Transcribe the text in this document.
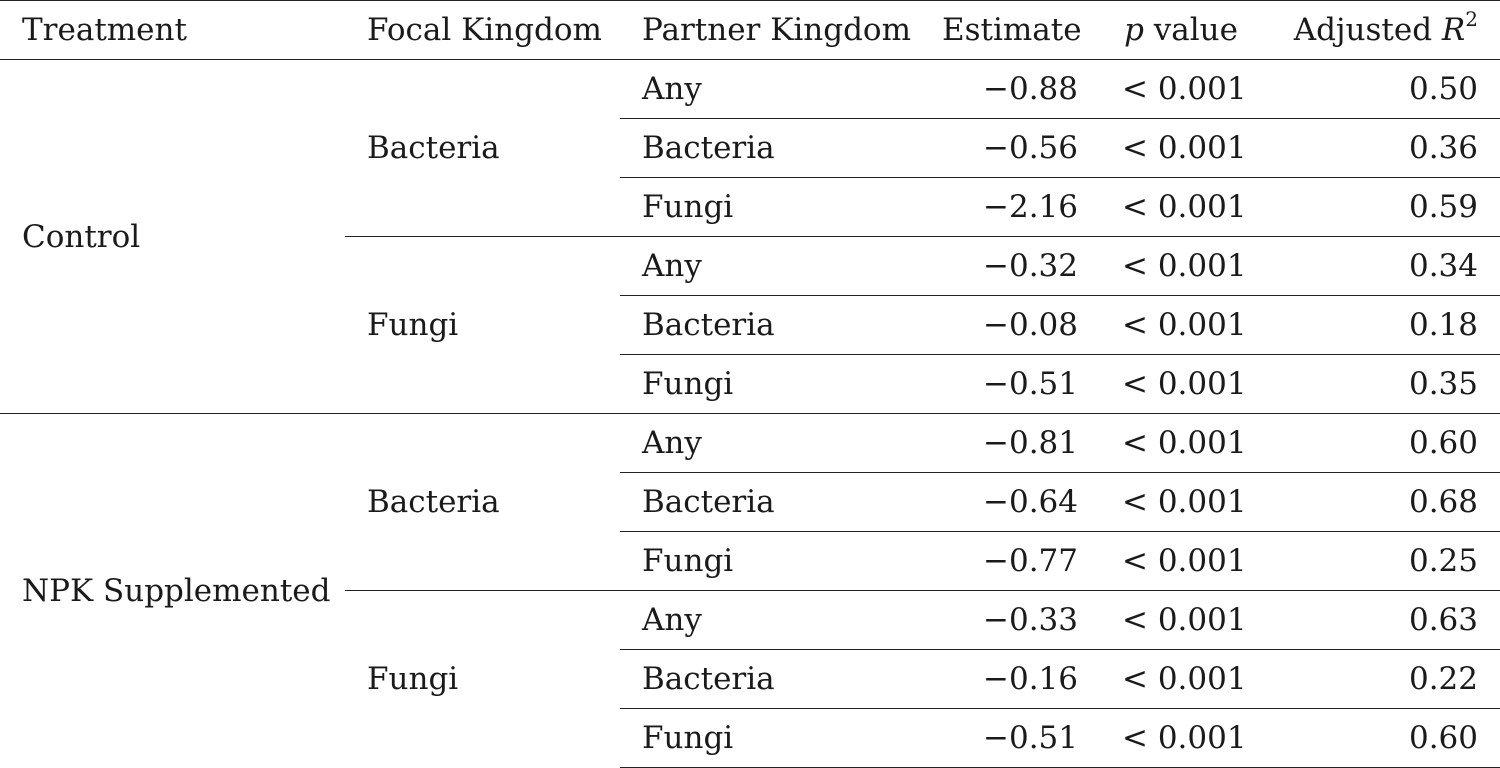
Treatment	Focal Kingdom	Partner Kingdom	Estimate	p value	Adjusted $R^2$
Control	Bacteria	Any	−0.88	< 0.001	0.50
		Bacteria	−0.56	< 0.001	0.36
		Fungi	−2.16	< 0.001	0.59
	Fungi	Any	−0.32	< 0.001	0.34
		Bacteria	−0.08	< 0.001	0.18
		Fungi	−0.51	< 0.001	0.35
NPK Supplemented	Bacteria	Any	−0.81	< 0.001	0.60
		Bacteria	−0.64	< 0.001	0.68
		Fungi	−0.77	< 0.001	0.25
	Fungi	Any	−0.33	< 0.001	0.63
		Bacteria	−0.16	< 0.001	0.22
		Fungi	−0.51	< 0.001	0.60
